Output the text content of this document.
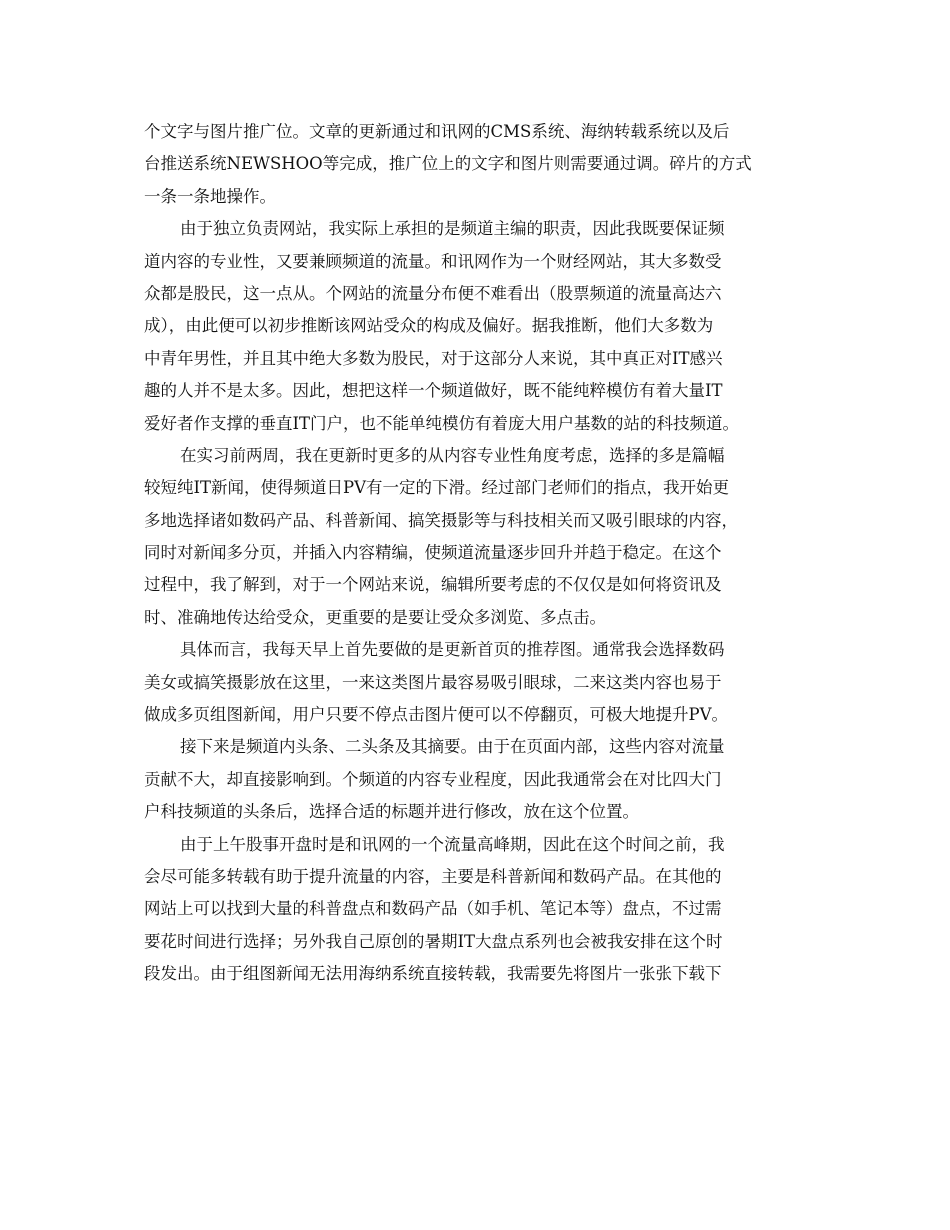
个文字与图片推广位。文章的更新通过和讯网的CMS系统、海纳转载系统以及后
台推送系统NEWSHOO等完成，推广位上的文字和图片则需要通过调。碎片的方式
一条一条地操作。
由于独立负责网站，我实际上承担的是频道主编的职责，因此我既要保证频
道内容的专业性，又要兼顾频道的流量。和讯网作为一个财经网站，其大多数受
众都是股民，这一点从。个网站的流量分布便不难看出（股票频道的流量高达六
成），由此便可以初步推断该网站受众的构成及偏好。据我推断，他们大多数为
中青年男性，并且其中绝大多数为股民，对于这部分人来说，其中真正对IT感兴
趣的人并不是太多。因此，想把这样一个频道做好，既不能纯粹模仿有着大量IT
爱好者作支撑的垂直IT门户，也不能单纯模仿有着庞大用户基数的站的科技频道。
在实习前两周，我在更新时更多的从内容专业性角度考虑，选择的多是篇幅
较短纯IT新闻，使得频道日PV有一定的下滑。经过部门老师们的指点，我开始更
多地选择诸如数码产品、科普新闻、搞笑摄影等与科技相关而又吸引眼球的内容，
同时对新闻多分页，并插入内容精编，使频道流量逐步回升并趋于稳定。在这个
过程中，我了解到，对于一个网站来说，编辑所要考虑的不仅仅是如何将资讯及
时、准确地传达给受众，更重要的是要让受众多浏览、多点击。
具体而言，我每天早上首先要做的是更新首页的推荐图。通常我会选择数码
美女或搞笑摄影放在这里，一来这类图片最容易吸引眼球，二来这类内容也易于
做成多页组图新闻，用户只要不停点击图片便可以不停翻页，可极大地提升PV。
接下来是频道内头条、二头条及其摘要。由于在页面内部，这些内容对流量
贡献不大，却直接影响到。个频道的内容专业程度，因此我通常会在对比四大门
户科技频道的头条后，选择合适的标题并进行修改，放在这个位置。
由于上午股事开盘时是和讯网的一个流量高峰期，因此在这个时间之前，我
会尽可能多转载有助于提升流量的内容，主要是科普新闻和数码产品。在其他的
网站上可以找到大量的科普盘点和数码产品（如手机、笔记本等）盘点，不过需
要花时间进行选择；另外我自己原创的暑期IT大盘点系列也会被我安排在这个时
段发出。由于组图新闻无法用海纳系统直接转载，我需要先将图片一张张下载下
